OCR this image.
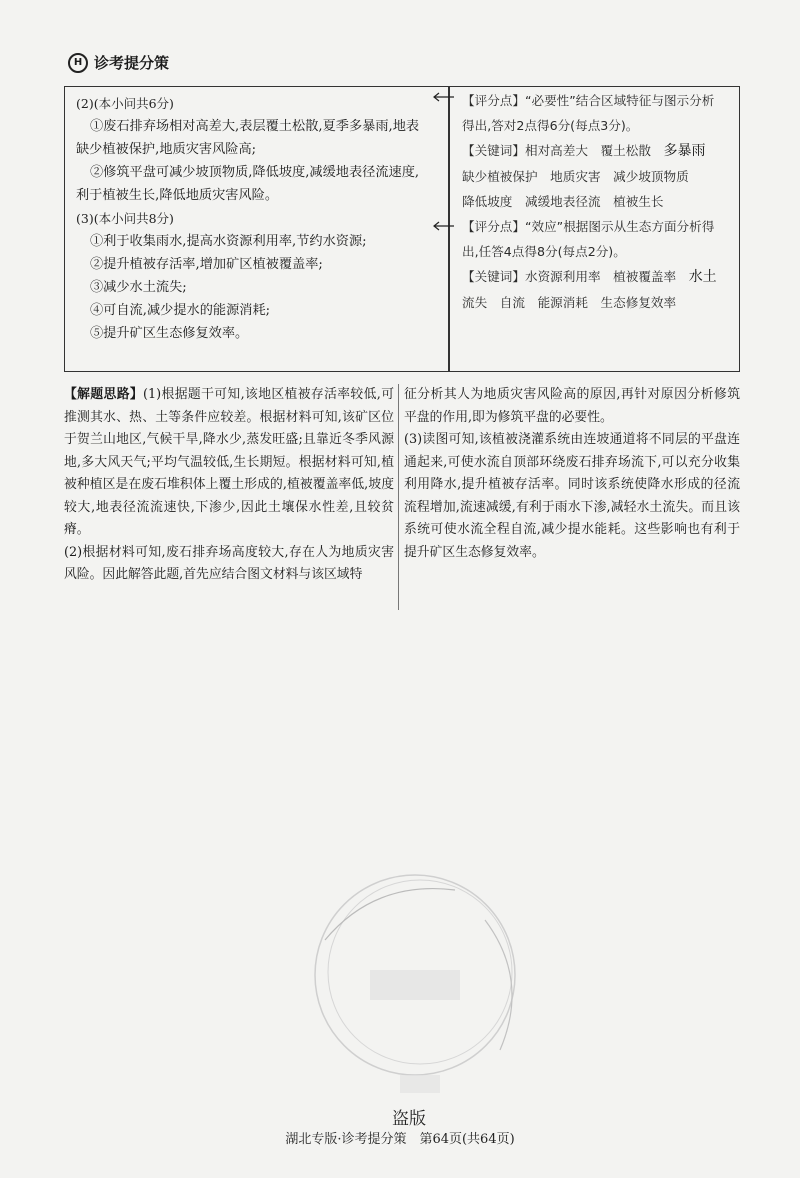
H 诊考提分策
(2)(本小问共6分)
①废石排弃场相对高差大,表层覆土松散,夏季多暴雨,地表
缺少植被保护,地质灾害风险高;
②修筑平盘可减少坡顶物质,降低坡度,减缓地表径流速度,
利于植被生长,降低地质灾害风险。
(3)(本小问共8分)
①利于收集雨水,提高水资源利用率,节约水资源;
②提升植被存活率,增加矿区植被覆盖率;
③减少水土流失;
④可自流,减少提水的能源消耗;
⑤提升矿区生态修复效率。
【评分点】“必要性”结合区域特征与图示分析
得出,答对2点得6分(每点3分)。
【关键词】相对高差大　覆土松散　多暴雨
缺少植被保护　地质灾害　减少坡顶物质
降低坡度　减缓地表径流　植被生长
【评分点】“效应”根据图示从生态方面分析得
出,任答4点得8分(每点2分)。
【关键词】水资源利用率　植被覆盖率　水土
流失　自流　能源消耗　生态修复效率
【解题思路】(1)根据题干可知,该地区植被存活率较低,可推测其水、热、土等条件应较差。根据材料可知,该矿区位于贺兰山地区,气候干旱,降水少,蒸发旺盛;且靠近冬季风源地,多大风天气;平均气温较低,生长期短。根据材料可知,植被种植区是在废石堆积体上覆土形成的,植被覆盖率低,坡度较大,地表径流流速快,下渗少,因此土壤保水性差,且较贫瘠。
(2)根据材料可知,废石排弃场高度较大,存在人为地质灾害风险。因此解答此题,首先应结合图文材料与该区域特
征分析其人为地质灾害风险高的原因,再针对原因分析修筑平盘的作用,即为修筑平盘的必要性。
(3)读图可知,该植被浇灌系统由连坡通道将不同层的平盘连通起来,可使水流自顶部环绕废石排弃场流下,可以充分收集利用降水,提升植被存活率。同时该系统使降水形成的径流流程增加,流速减缓,有利于雨水下渗,减轻水土流失。而且该系统可使水流全程自流,减少提水能耗。这些影响也有利于提升矿区生态修复效率。
盗版
湖北专版·诊考提分策　第64页(共64页)
